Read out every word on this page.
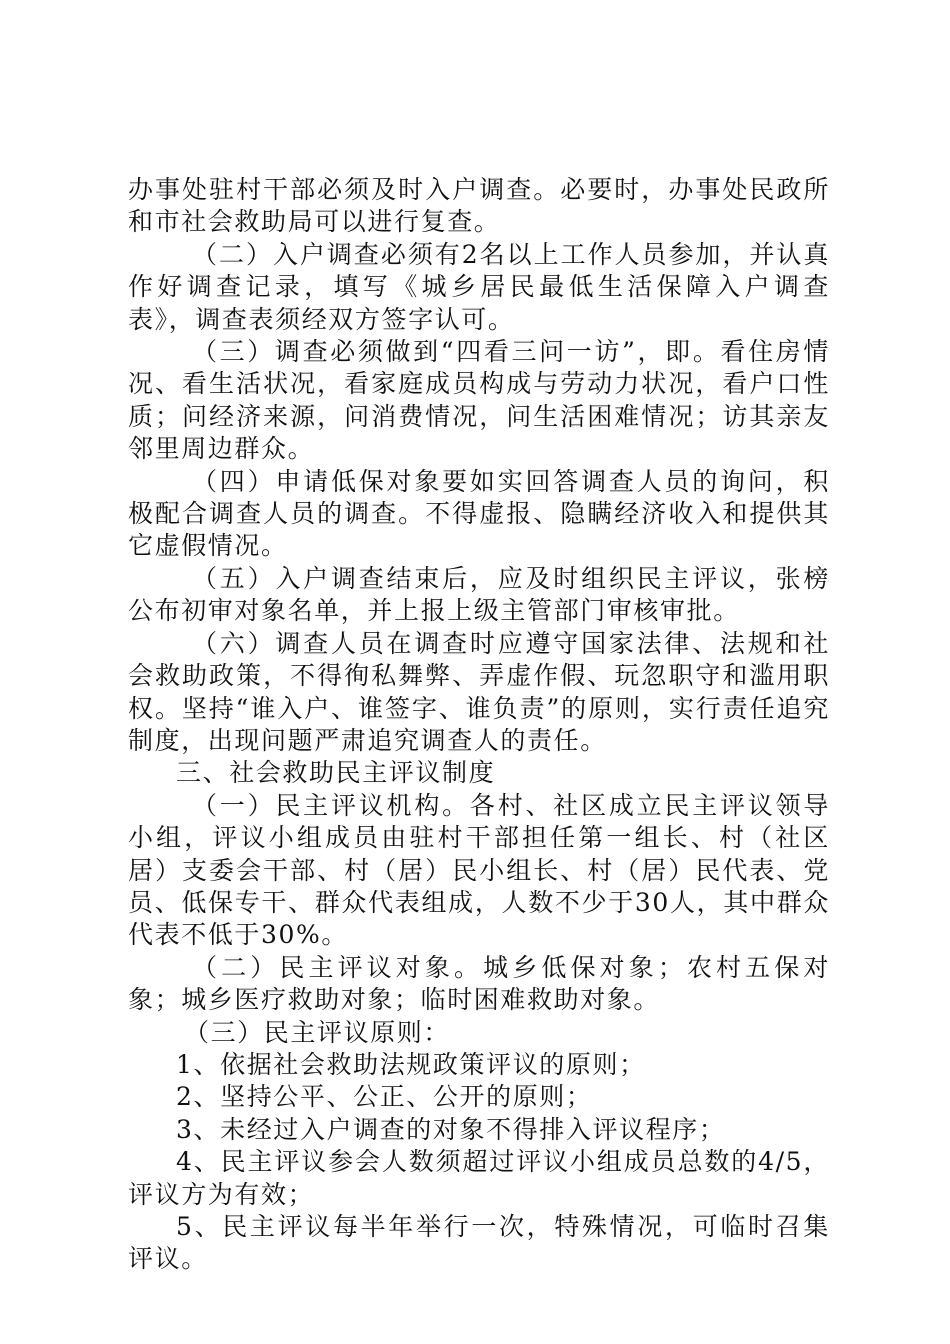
办事处驻村干部必须及时入户调查。必要时，办事处民政所和市社会救助局可以进行复查。

（二）入户调查必须有2名以上工作人员参加，并认真作好调查记录，填写《城乡居民最低生活保障入户调查表》，调查表须经双方签字认可。

（三）调查必须做到“四看三问一访”，即。看住房情况、看生活状况，看家庭成员构成与劳动力状况，看户口性质；问经济来源，问消费情况，问生活困难情况；访其亲友邻里周边群众。

（四）申请低保对象要如实回答调查人员的询问，积极配合调查人员的调查。不得虚报、隐瞒经济收入和提供其它虚假情况。

（五）入户调查结束后，应及时组织民主评议，张榜公布初审对象名单，并上报上级主管部门审核审批。

（六）调查人员在调查时应遵守国家法律、法规和社会救助政策，不得徇私舞弊、弄虚作假、玩忽职守和滥用职权。坚持“谁入户、谁签字、谁负责”的原则，实行责任追究制度，出现问题严肃追究调查人的责任。

三、社会救助民主评议制度

（一）民主评议机构。各村、社区成立民主评议领导小组，评议小组成员由驻村干部担任第一组长、村（社区居）支委会干部、村（居）民小组长、村（居）民代表、党员、低保专干、群众代表组成，人数不少于30人，其中群众代表不低于30%。

（二）民主评议对象。城乡低保对象；农村五保对象；城乡医疗救助对象；临时困难救助对象。

（三）民主评议原则：

1、依据社会救助法规政策评议的原则；

2、坚持公平、公正、公开的原则；

3、未经过入户调查的对象不得排入评议程序；

4、民主评议参会人数须超过评议小组成员总数的4/5，评议方为有效；

5、民主评议每半年举行一次，特殊情况，可临时召集评议。
